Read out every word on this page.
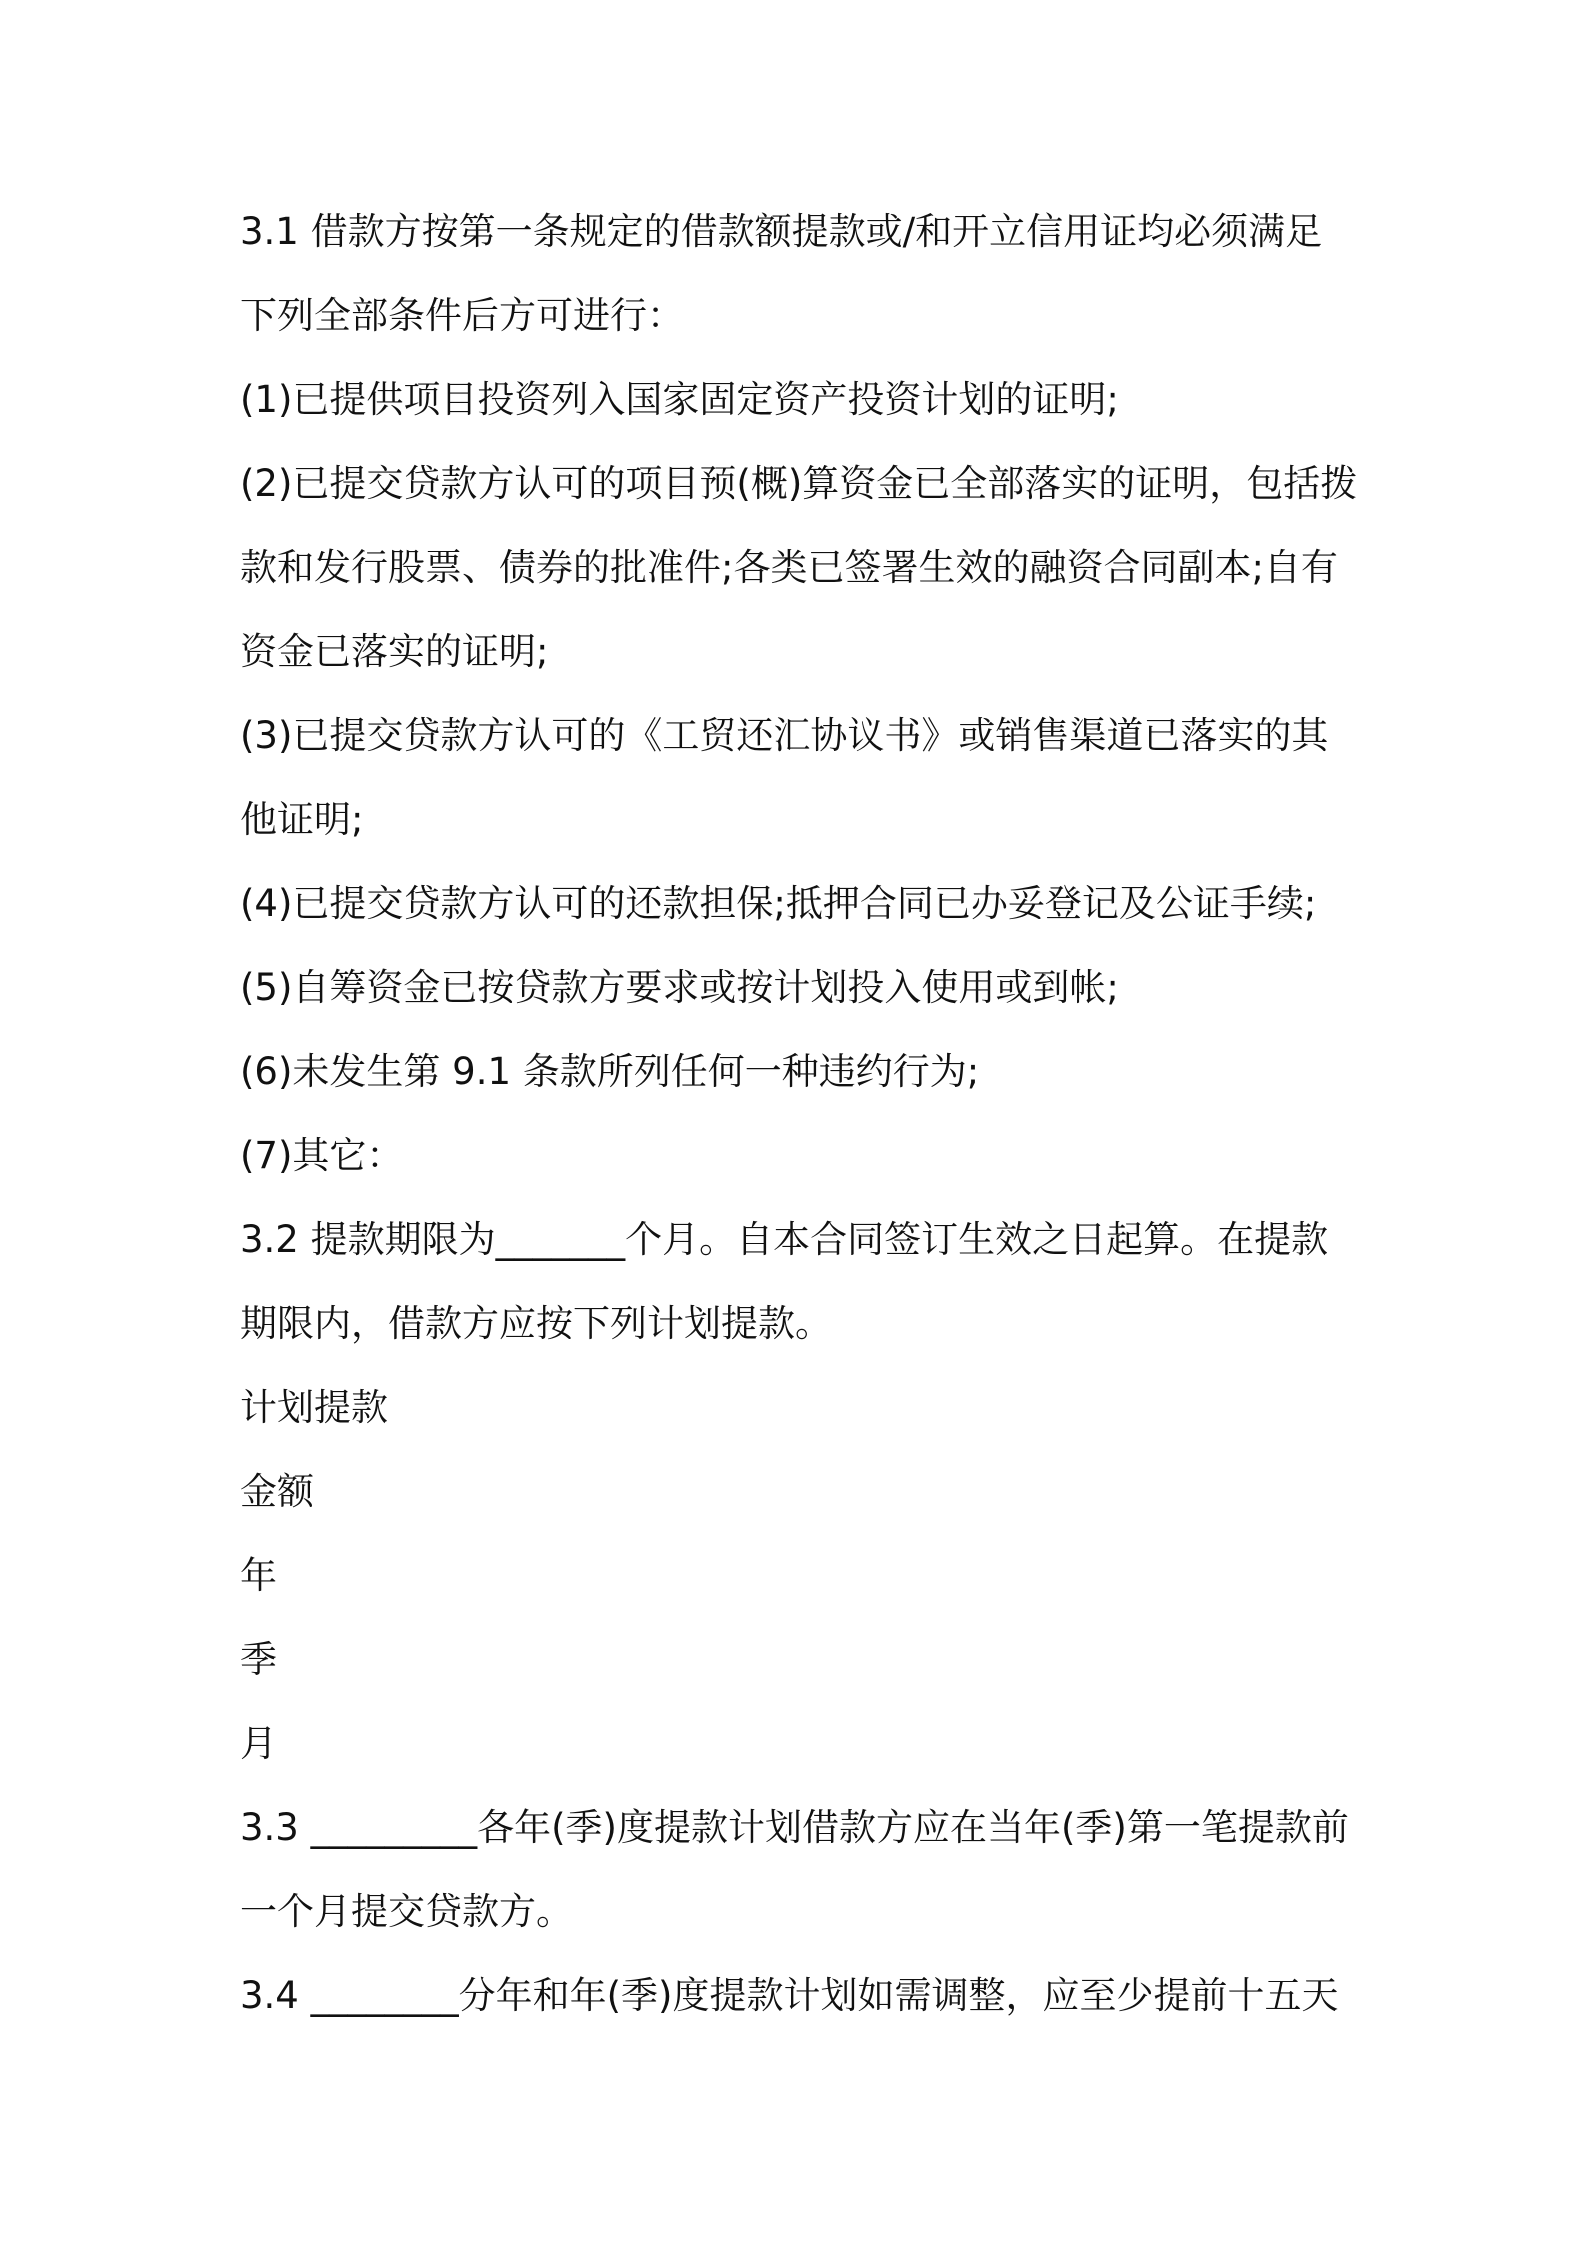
3.1 借款方按第一条规定的借款额提款或/和开立信用证均必须满足
下列全部条件后方可进行：
(1)已提供项目投资列入国家固定资产投资计划的证明;
(2)已提交贷款方认可的项目预(概)算资金已全部落实的证明，包括拨
款和发行股票、债券的批准件;各类已签署生效的融资合同副本;自有
资金已落实的证明;
(3)已提交贷款方认可的《工贸还汇协议书》或销售渠道已落实的其
他证明;
(4)已提交贷款方认可的还款担保;抵押合同已办妥登记及公证手续;
(5)自筹资金已按贷款方要求或按计划投入使用或到帐;
(6)未发生第 9.1 条款所列任何一种违约行为;
(7)其它：
3.2 提款期限为_______个月。自本合同签订生效之日起算。在提款
期限内，借款方应按下列计划提款。
计划提款
金额
年
季
月
3.3 _________各年(季)度提款计划借款方应在当年(季)第一笔提款前
一个月提交贷款方。
3.4 ________分年和年(季)度提款计划如需调整，应至少提前十五天
